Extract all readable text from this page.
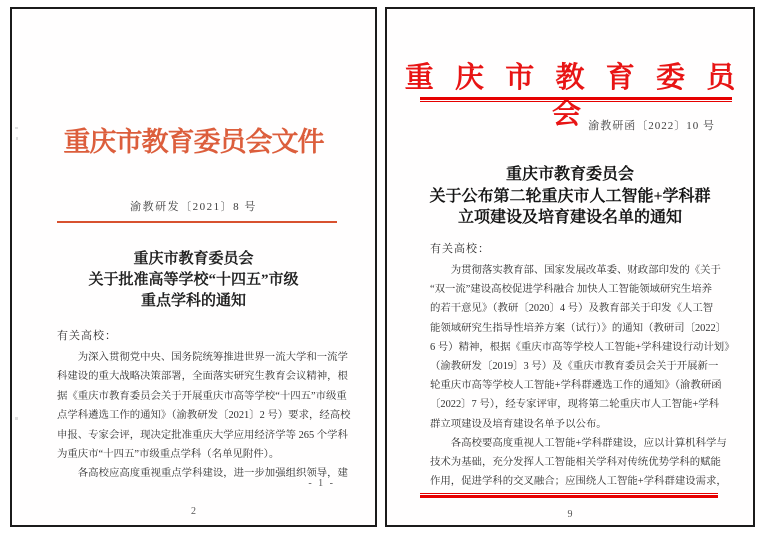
重庆市教育委员会文件
渝教研发〔2021〕8 号
重庆市教育委员会
关于批准高等学校“十四五”市级
重点学科的通知
有关高校：
　　为深入贯彻党中央、国务院统筹推进世界一流大学和一流学
科建设的重大战略决策部署，全面落实研究生教育会议精神，根
据《重庆市教育委员会关于开展重庆市高等学校“十四五”市级重
点学科遴选工作的通知》（渝教研发〔2021〕2 号）要求，经高校
申报、专家会评，现决定批准重庆大学应用经济学等 265 个学科
为重庆市“十四五”市级重点学科（名单见附件）。
　　各高校应高度重视重点学科建设，进一步加强组织领导，建
- 1 -
2
重 庆 市 教 育 委 员 会 渝教研函〔2022〕10 号
重庆市教育委员会
关于公布第二轮重庆市人工智能+学科群
立项建设及培育建设名单的通知
有关高校：
　　为贯彻落实教育部、国家发展改革委、财政部印发的《关于
“双一流”建设高校促进学科融合 加快人工智能领域研究生培养
的若干意见》（教研〔2020〕4 号）及教育部关于印发《人工智
能领域研究生指导性培养方案（试行）》的通知（教研司〔2022〕
6 号）精神，根据《重庆市高等学校人工智能+学科建设行动计划》
（渝教研发〔2019〕3 号）及《重庆市教育委员会关于开展新一
轮重庆市高等学校人工智能+学科群遴选工作的通知》（渝教研函
〔2022〕7 号），经专家评审，现将第二轮重庆市人工智能+学科
群立项建设及培育建设名单予以公布。
　　各高校要高度重视人工智能+学科群建设，应以计算机科学与
技术为基础，充分发挥人工智能相关学科对传统优势学科的赋能
作用，促进学科的交叉融合；应围绕人工智能+学科群建设需求，
9
